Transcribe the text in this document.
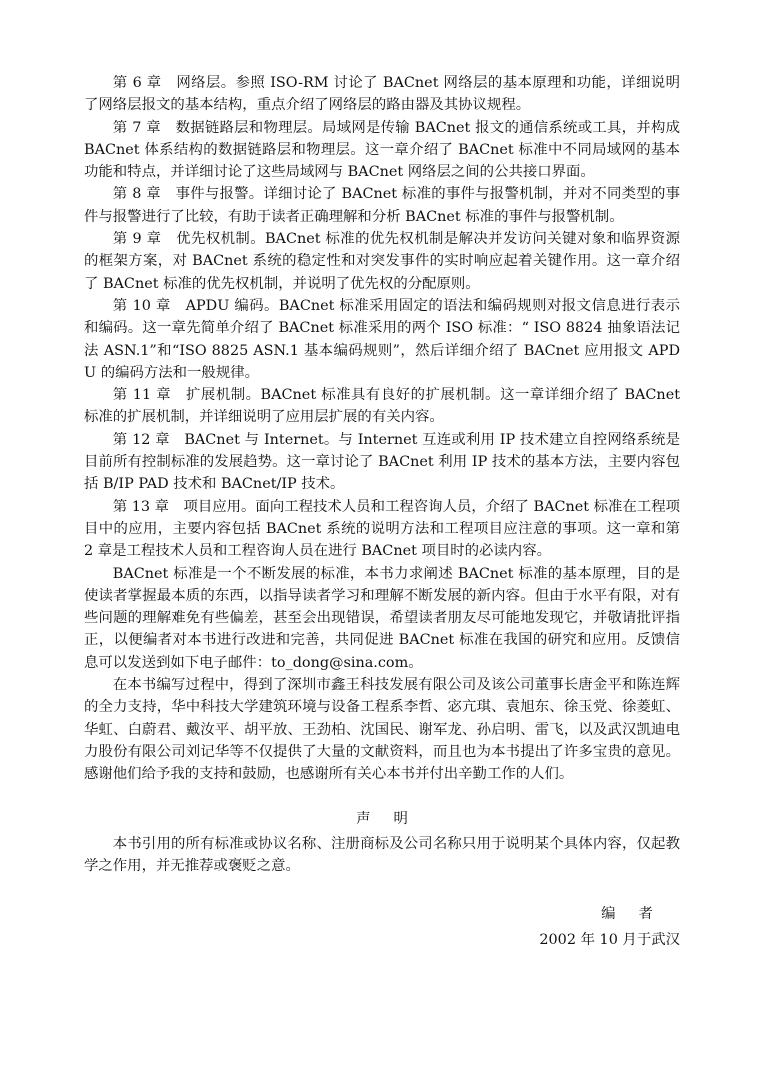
第 6 章　网络层。参照 ISO-RM 讨论了 BACnet 网络层的基本原理和功能，详细说明了网络层报文的基本结构，重点介绍了网络层的路由器及其协议规程。

第 7 章　数据链路层和物理层。局域网是传输 BACnet 报文的通信系统或工具，并构成 BACnet 体系结构的数据链路层和物理层。这一章介绍了 BACnet 标准中不同局域网的基本功能和特点，并详细讨论了这些局域网与 BACnet 网络层之间的公共接口界面。

第 8 章　事件与报警。详细讨论了 BACnet 标准的事件与报警机制，并对不同类型的事件与报警进行了比较，有助于读者正确理解和分析 BACnet 标准的事件与报警机制。

第 9 章　优先权机制。BACnet 标准的优先权机制是解决并发访问关键对象和临界资源的框架方案，对 BACnet 系统的稳定性和对突发事件的实时响应起着关键作用。这一章介绍了 BACnet 标准的优先权机制，并说明了优先权的分配原则。

第 10 章　APDU 编码。BACnet 标准采用固定的语法和编码规则对报文信息进行表示和编码。这一章先简单介绍了 BACnet 标准采用的两个 ISO 标准：“ ISO 8824 抽象语法记法 ASN.1”和“ISO 8825 ASN.1 基本编码规则”，然后详细介绍了 BACnet 应用报文 APDU 的编码方法和一般规律。

第 11 章　扩展机制。BACnet 标准具有良好的扩展机制。这一章详细介绍了 BACnet 标准的扩展机制，并详细说明了应用层扩展的有关内容。

第 12 章　BACnet 与 Internet。与 Internet 互连或利用 IP 技术建立自控网络系统是目前所有控制标准的发展趋势。这一章讨论了 BACnet 利用 IP 技术的基本方法，主要内容包括 B/IP PAD 技术和 BACnet/IP 技术。

第 13 章　项目应用。面向工程技术人员和工程咨询人员，介绍了 BACnet 标准在工程项目中的应用，主要内容包括 BACnet 系统的说明方法和工程项目应注意的事项。这一章和第 2 章是工程技术人员和工程咨询人员在进行 BACnet 项目时的必读内容。

BACnet 标准是一个不断发展的标准，本书力求阐述 BACnet 标准的基本原理，目的是使读者掌握最本质的东西，以指导读者学习和理解不断发展的新内容。但由于水平有限，对有些问题的理解难免有些偏差，甚至会出现错误，希望读者朋友尽可能地发现它，并敬请批评指正，以便编者对本书进行改进和完善，共同促进 BACnet 标准在我国的研究和应用。反馈信息可以发送到如下电子邮件：to_dong@sina.com。

在本书编写过程中，得到了深圳市鑫王科技发展有限公司及该公司董事长唐金平和陈连辉的全力支持，华中科技大学建筑环境与设备工程系李哲、宓亢琪、袁旭东、徐玉党、徐菱虹、华虹、白蔚君、戴汝平、胡平放、王劲柏、沈国民、谢军龙、孙启明、雷飞，以及武汉凯迪电力股份有限公司刘记华等不仅提供了大量的文献资料，而且也为本书提出了许多宝贵的意见。感谢他们给予我的支持和鼓励，也感谢所有关心本书并付出辛勤工作的人们。

声明

本书引用的所有标准或协议名称、注册商标及公司名称只用于说明某个具体内容，仅起教学之作用，并无推荐或褒贬之意。

编者
2002 年 10 月于武汉
